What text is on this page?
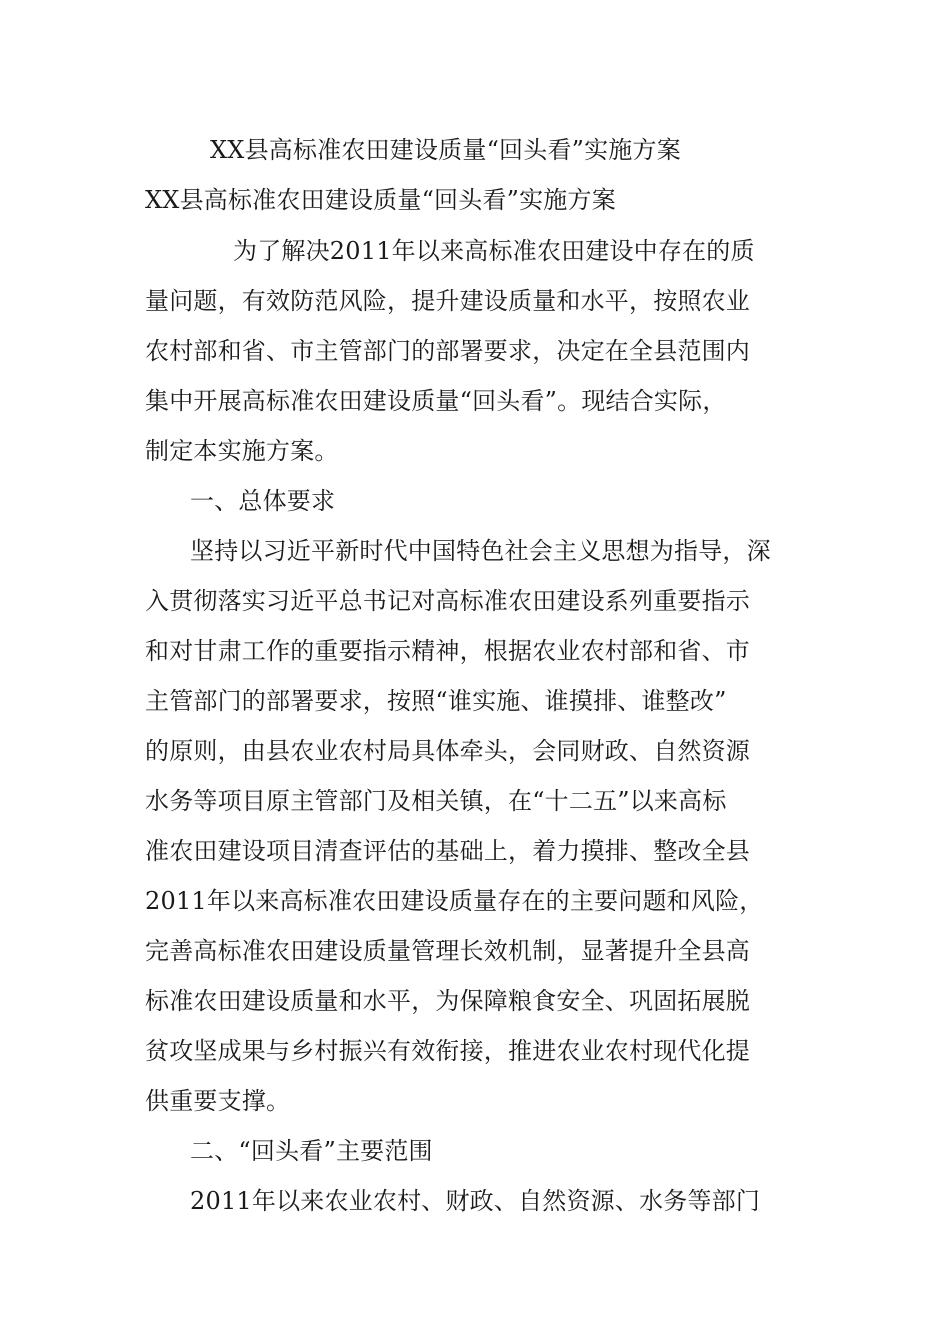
XX县高标准农田建设质量“回头看”实施方案
XX县高标准农田建设质量“回头看”实施方案
为了解决2011年以来高标准农田建设中存在的质
量问题，有效防范风险，提升建设质量和水平，按照农业
农村部和省、市主管部门的部署要求，决定在全县范围内
集中开展高标准农田建设质量“回头看”。现结合实际，
制定本实施方案。
一、总体要求
坚持以习近平新时代中国特色社会主义思想为指导，深
入贯彻落实习近平总书记对高标准农田建设系列重要指示
和对甘肃工作的重要指示精神，根据农业农村部和省、市
主管部门的部署要求，按照“谁实施、谁摸排、谁整改”
的原则，由县农业农村局具体牵头，会同财政、自然资源
水务等项目原主管部门及相关镇，在“十二五”以来高标
准农田建设项目清查评估的基础上，着力摸排、整改全县
2011年以来高标准农田建设质量存在的主要问题和风险，
完善高标准农田建设质量管理长效机制，显著提升全县高
标准农田建设质量和水平，为保障粮食安全、巩固拓展脱
贫攻坚成果与乡村振兴有效衔接，推进农业农村现代化提
供重要支撑。
二、“回头看”主要范围
2011年以来农业农村、财政、自然资源、水务等部门
